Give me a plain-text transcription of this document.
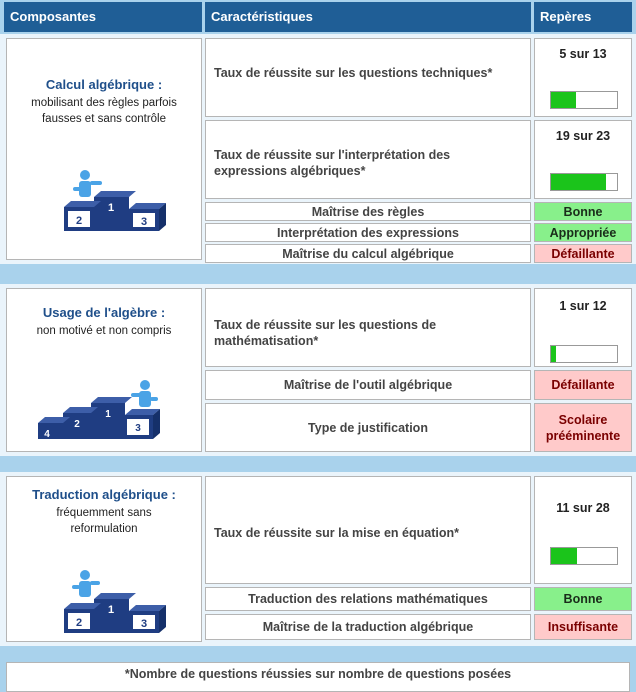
Composantes	Caractéristiques	Repères
Calcul algébrique :
mobilisant des règles parfois fausses et sans contrôle
2
1
3
Taux de réussite sur les questions techniques*
5 sur 13
Taux de réussite sur l'interprétation des expressions algébriques*
19 sur 23
Maîtrise des règles	Bonne
Interprétation des expressions	Appropriée
Maîtrise du calcul algébrique	Défaillante
Usage de l'algèbre :
non motivé et non compris
4
2
1
3
Taux de réussite sur les questions de mathématisation*
1 sur 12
Maîtrise de l'outil algébrique	Défaillante
Type de justification
Scolaire prééminente
Traduction algébrique :
fréquemment sans reformulation
2
1
3
Taux de réussite sur la mise en équation*
11 sur 28
Traduction des relations mathématiques	Bonne
Maîtrise de la traduction algébrique	Insuffisante
*Nombre de questions réussies sur nombre de questions posées
